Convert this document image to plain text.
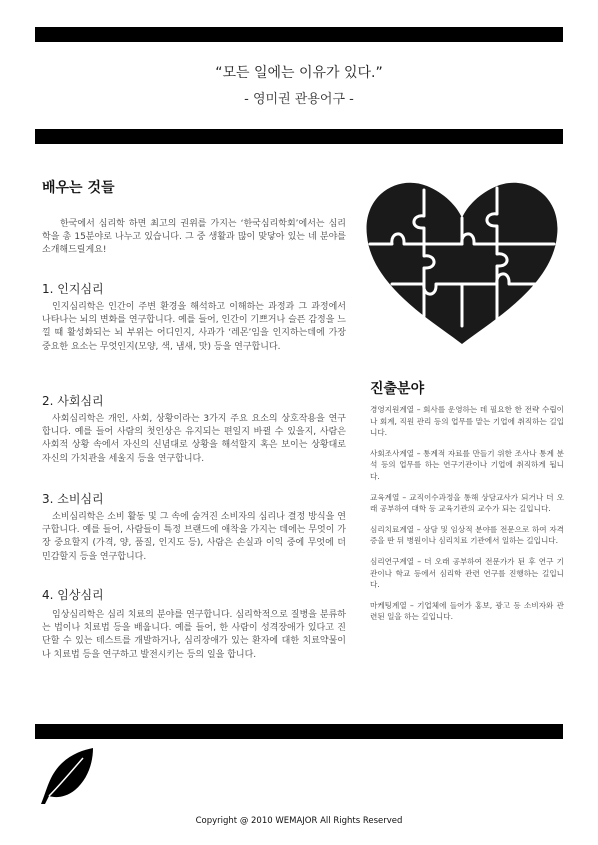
“모든 일에는 이유가 있다.”
- 영미권 관용어구 -
배우는 것들
한국에서 심리학 하면 최고의 권위를 가지는 ‘한국심리학회’에서는 심리학을 총 15분야로 나누고 있습니다. 그 중 생활과 많이 맞닿아 있는 네 분야를 소개해드릴게요!
1. 인지심리
인지심리학은 인간이 주변 환경을 해석하고 이해하는 과정과 그 과정에서 나타나는 뇌의 변화를 연구합니다. 예를 들어, 인간이 기쁘거나 슬픈 감정을 느낄 때 활성화되는 뇌 부위는 어디인지, 사과가 ‘레몬’임을 인지하는데에 가장 중요한 요소는 무엇인지(모양, 색, 냄새, 맛) 등을 연구합니다.
2. 사회심리
사회심리학은 개인, 사회, 상황이라는 3가지 주요 요소의 상호작용을 연구합니다. 예를 들어 사람의 첫인상은 유지되는 편일지 바뀔 수 있을지, 사람은 사회적 상황 속에서 자신의 신념대로 상황을 해석할지 혹은 보이는 상황대로 자신의 가치관을 세울지 등을 연구합니다.
3. 소비심리
소비심리학은 소비 활동 및 그 속에 숨겨진 소비자의 심리나 결정 방식을 연구합니다. 예를 들어, 사람들이 특정 브랜드에 애착을 가지는 데에는 무엇이 가장 중요할지 (가격, 양, 품질, 인지도 등), 사람은 손실과 이익 중에 무엇에 더 민감할지 등을 연구합니다.
4. 임상심리
임상심리학은 심리 치료의 분야를 연구합니다. 심리학적으로 질병을 분류하는 법이나 치료법 등을 배웁니다. 예를 들어, 한 사람이 성격장애가 있다고 진단할 수 있는 테스트를 개발하거나, 심리장애가 있는 환자에 대한 치료약물이나 치료법 등을 연구하고 발전시키는 등의 일을 합니다.
진출분야

경영지원계열 – 회사를 운영하는 데 필요한 한 전략 수립이나 회계, 직원 관리 등의 업무를 맡는 기업에 취직하는 길입니다.

사회조사계열 – 통계적 자료를 만들기 위한 조사나 통계 분석 등의 업무를 하는 연구기관이나 기업에 취직하게 됩니다.

교육계열 – 교직이수과정을 통해 상담교사가 되거나 더 오래 공부하여 대학 등 교육기관의 교수가 되는 길입니다.

심리치료계열 – 상담 및 임상적 분야를 전문으로 하여 자격증을 딴 뒤 병원이나 심리치료 기관에서 일하는 길입니다.

심리연구계열 – 더 오래 공부하여 전문가가 된 후 연구 기관이나 학교 등에서 심리학 관련 연구를 진행하는 길입니다.

마케팅계열 – 기업체에 들어가 홍보, 광고 등 소비자와 관련된 일을 하는 길입니다.

Copyright @ 2010 WEMAJOR All Rights Reserved
